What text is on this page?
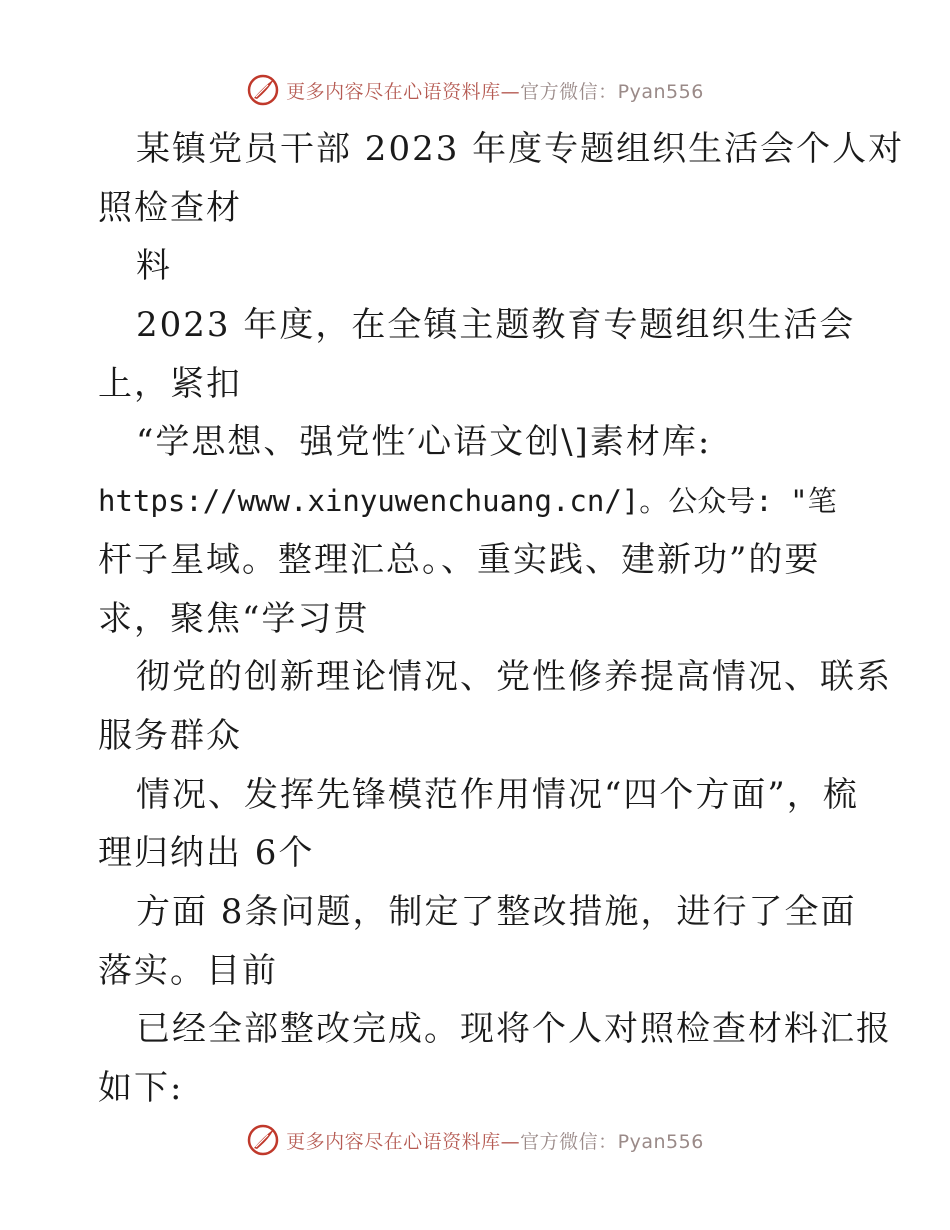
更多内容尽在心语资料库—官方微信：Pyan556
某镇党员干部 2023 年度专题组织生活会个人对
照检查材
料
2023 年度，在全镇主题教育专题组织生活会
上，紧扣
“学思想、强党性′心语文创\]素材库:
https://www.xinyuwenchuang.cn/]。公众号: "笔
杆子星域。整理汇总。、重实践、建新功”的要
求，聚焦“学习贯
彻党的创新理论情况、党性修养提高情况、联系
服务群众
情况、发挥先锋模范作用情况“四个方面”，梳
理归纳出 6个
方面 8条问题，制定了整改措施，进行了全面
落实。目前
已经全部整改完成。现将个人对照检查材料汇报
如下:
更多内容尽在心语资料库—官方微信：Pyan556
